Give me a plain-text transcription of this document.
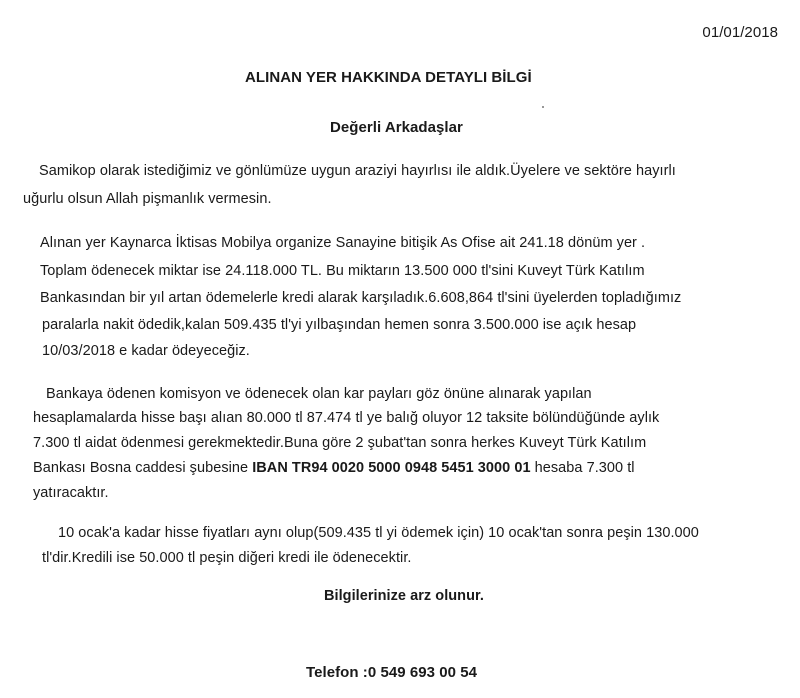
01/01/2018
ALINAN YER HAKKINDA DETAYLI BİLGİ
Değerli Arkadaşlar
Samikop olarak istediğimiz ve gönlümüze uygun araziyi hayırlısı ile aldık.Üyelere ve sektöre hayırlı
uğurlu olsun Allah pişmanlık vermesin.
Alınan yer Kaynarca İktisas Mobilya organize Sanayine bitişik As Ofise ait 241.18 dönüm yer .
Toplam ödenecek miktar ise 24.118.000 TL. Bu miktarın 13.500 000 tl'sini Kuveyt Türk Katılım
Bankasından bir yıl artan ödemelerle kredi alarak karşıladık.6.608,864 tl'sini üyelerden topladığımız
paralarla nakit ödedik,kalan 509.435 tl'yi yılbaşından hemen sonra 3.500.000 ise açık hesap
10/03/2018 e kadar ödeyeceğiz.
Bankaya ödenen komisyon ve ödenecek olan kar payları göz önüne alınarak yapılan
hesaplamalarda hisse başı alıan 80.000 tl 87.474 tl ye balığ oluyor 12 taksite bölündüğünde aylık
7.300 tl aidat ödenmesi gerekmektedir.Buna göre 2 şubat'tan sonra herkes Kuveyt Türk Katılım
Bankası Bosna caddesi şubesine IBAN TR94 0020 5000 0948 5451 3000 01 hesaba 7.300 tl
yatıracaktır.
10 ocak'a kadar hisse fiyatları aynı olup(509.435 tl yi ödemek için) 10 ocak'tan sonra peşin 130.000
tl'dir.Kredili ise 50.000 tl peşin diğeri kredi ile ödenecektir.
Bilgilerinize arz olunur.
Telefon :0 549 693 00 54
